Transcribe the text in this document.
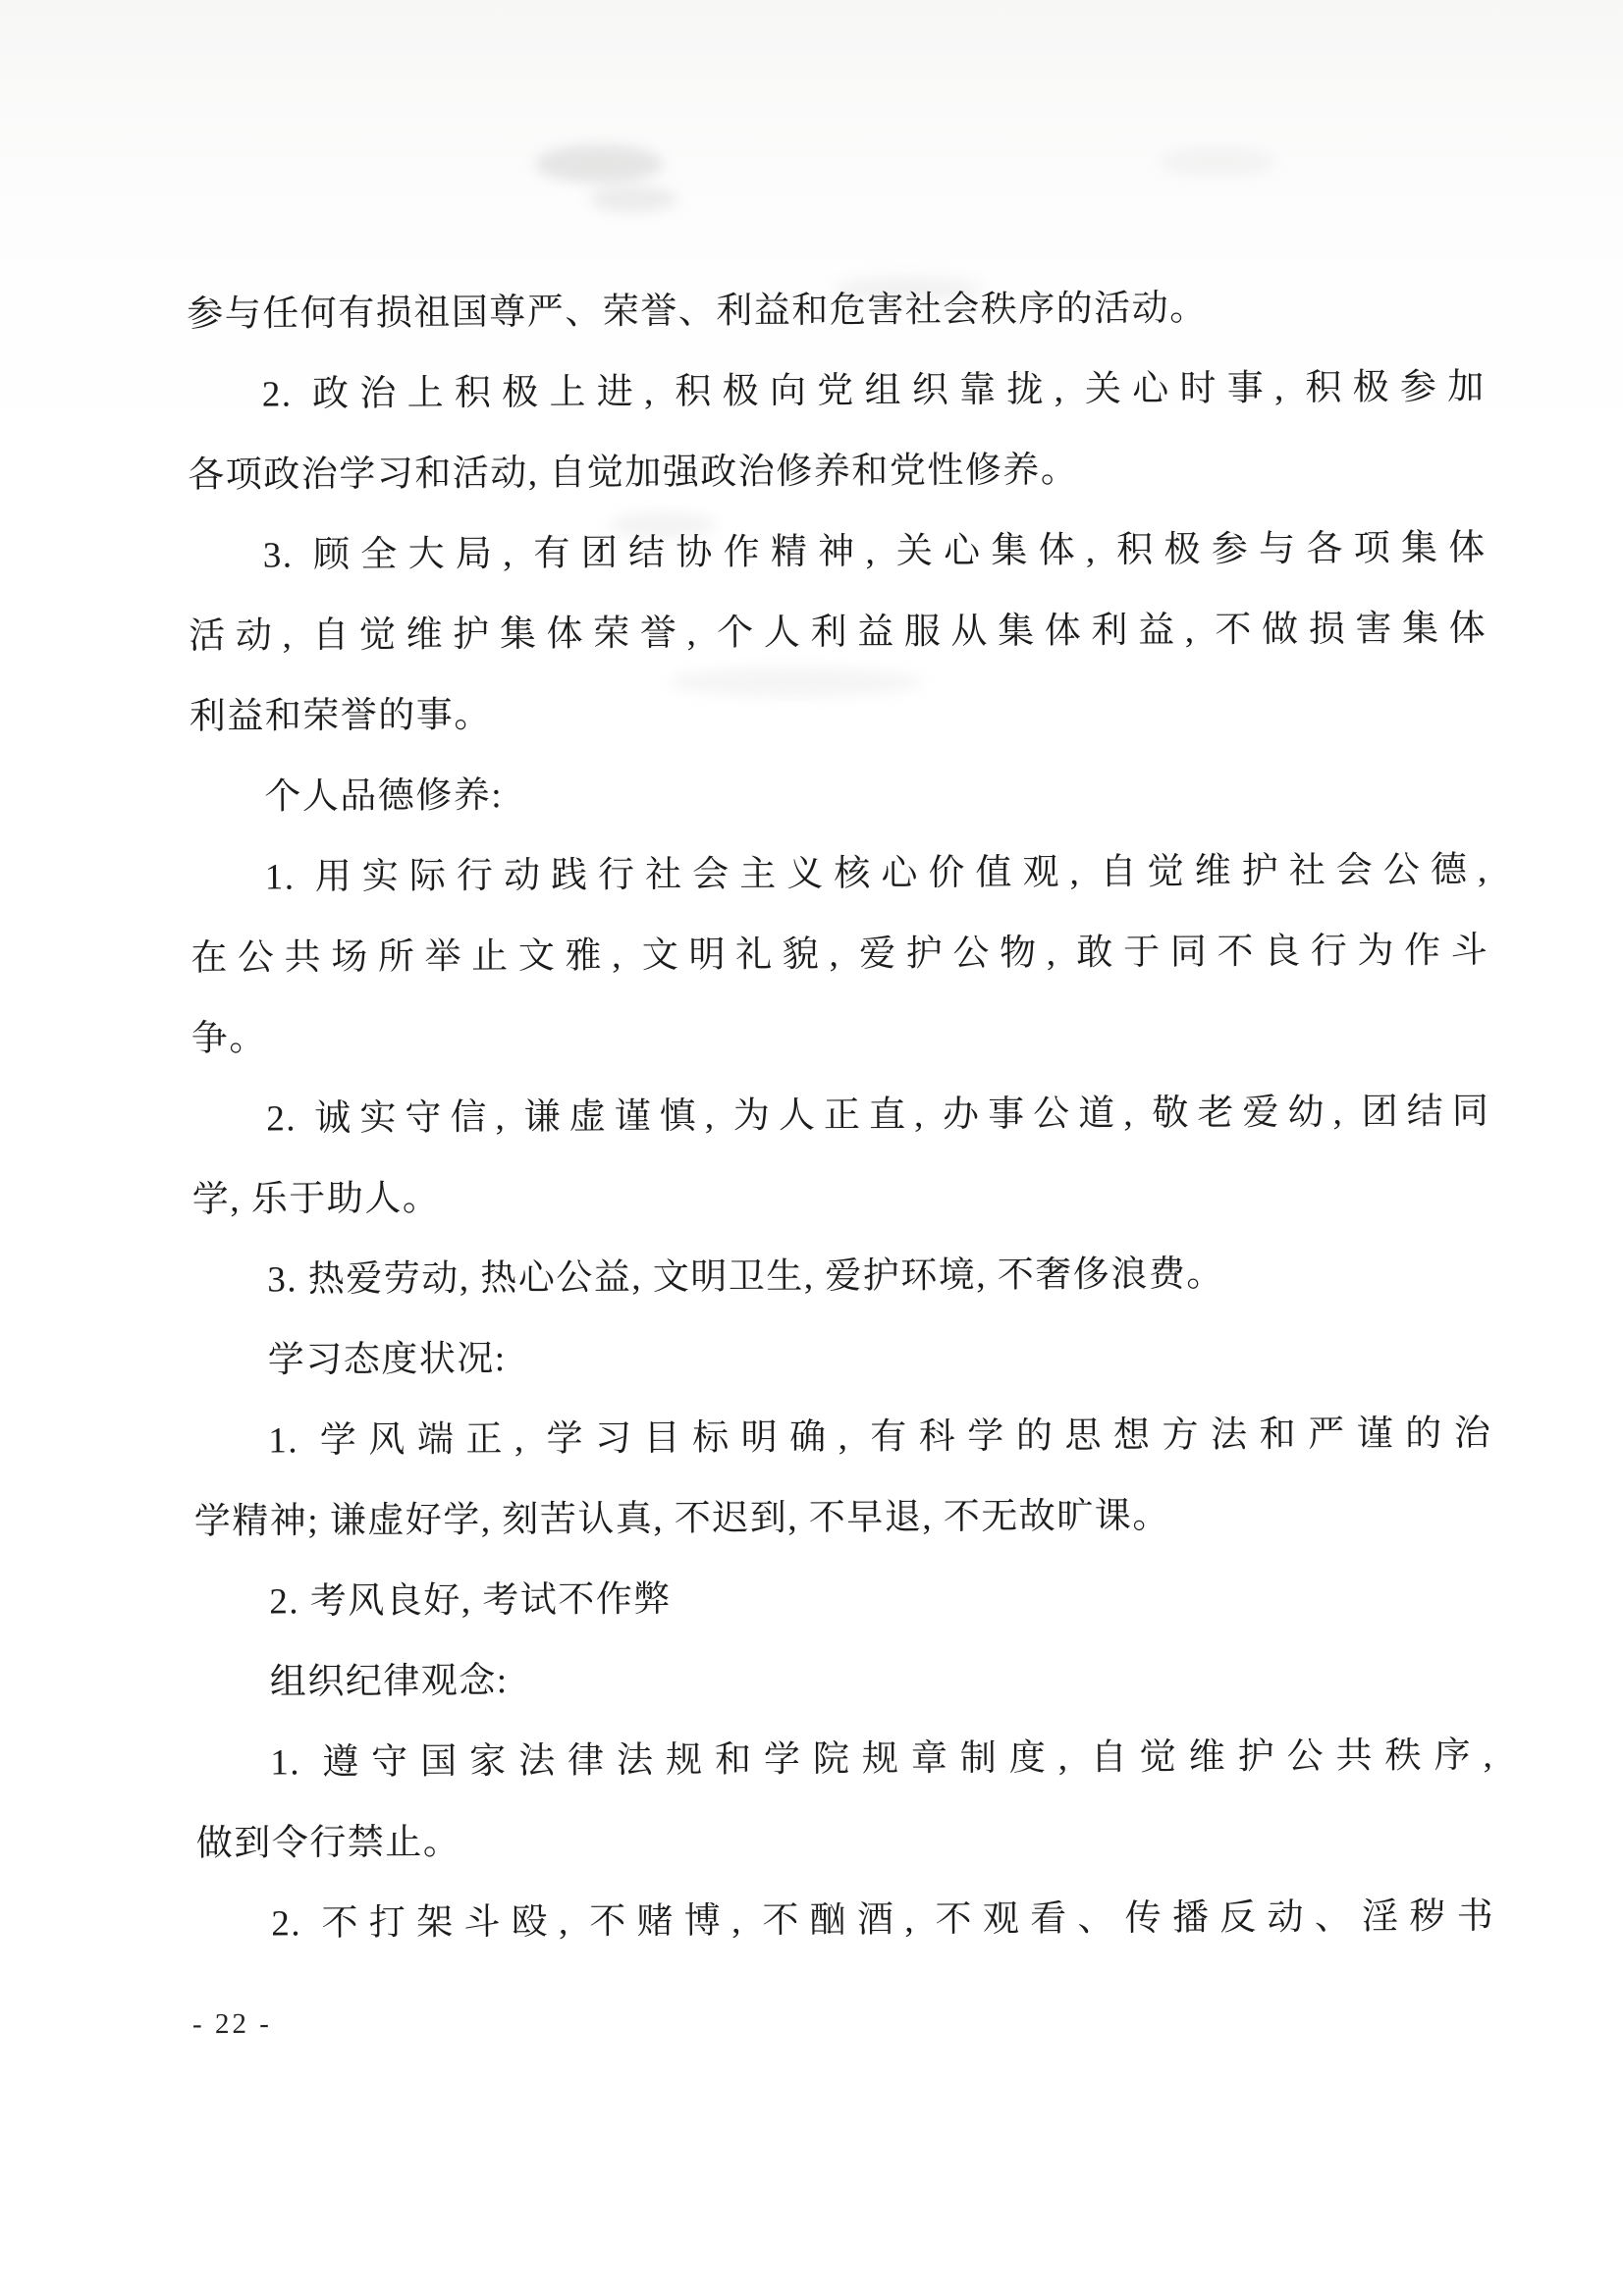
参与任何有损祖国尊严、荣誉、利益和危害社会秩序的活动。
2. 政治上积极上进, 积极向党组织靠拢, 关心时事, 积极参加
各项政治学习和活动, 自觉加强政治修养和党性修养。
3. 顾全大局, 有团结协作精神, 关心集体, 积极参与各项集体
活动, 自觉维护集体荣誉, 个人利益服从集体利益, 不做损害集体
利益和荣誉的事。
个人品德修养:
1. 用实际行动践行社会主义核心价值观, 自觉维护社会公德,
在公共场所举止文雅, 文明礼貌, 爱护公物, 敢于同不良行为作斗
争。
2. 诚实守信, 谦虚谨慎, 为人正直, 办事公道, 敬老爱幼, 团结同
学, 乐于助人。
3. 热爱劳动, 热心公益, 文明卫生, 爱护环境, 不奢侈浪费。
学习态度状况:
1. 学风端正, 学习目标明确, 有科学的思想方法和严谨的治
学精神; 谦虚好学, 刻苦认真, 不迟到, 不早退, 不无故旷课。
2. 考风良好, 考试不作弊
组织纪律观念:
1. 遵守国家法律法规和学院规章制度, 自觉维护公共秩序,
做到令行禁止。
2. 不打架斗殴, 不赌博, 不酗酒, 不观看、传播反动、淫秽书
- 22 -
